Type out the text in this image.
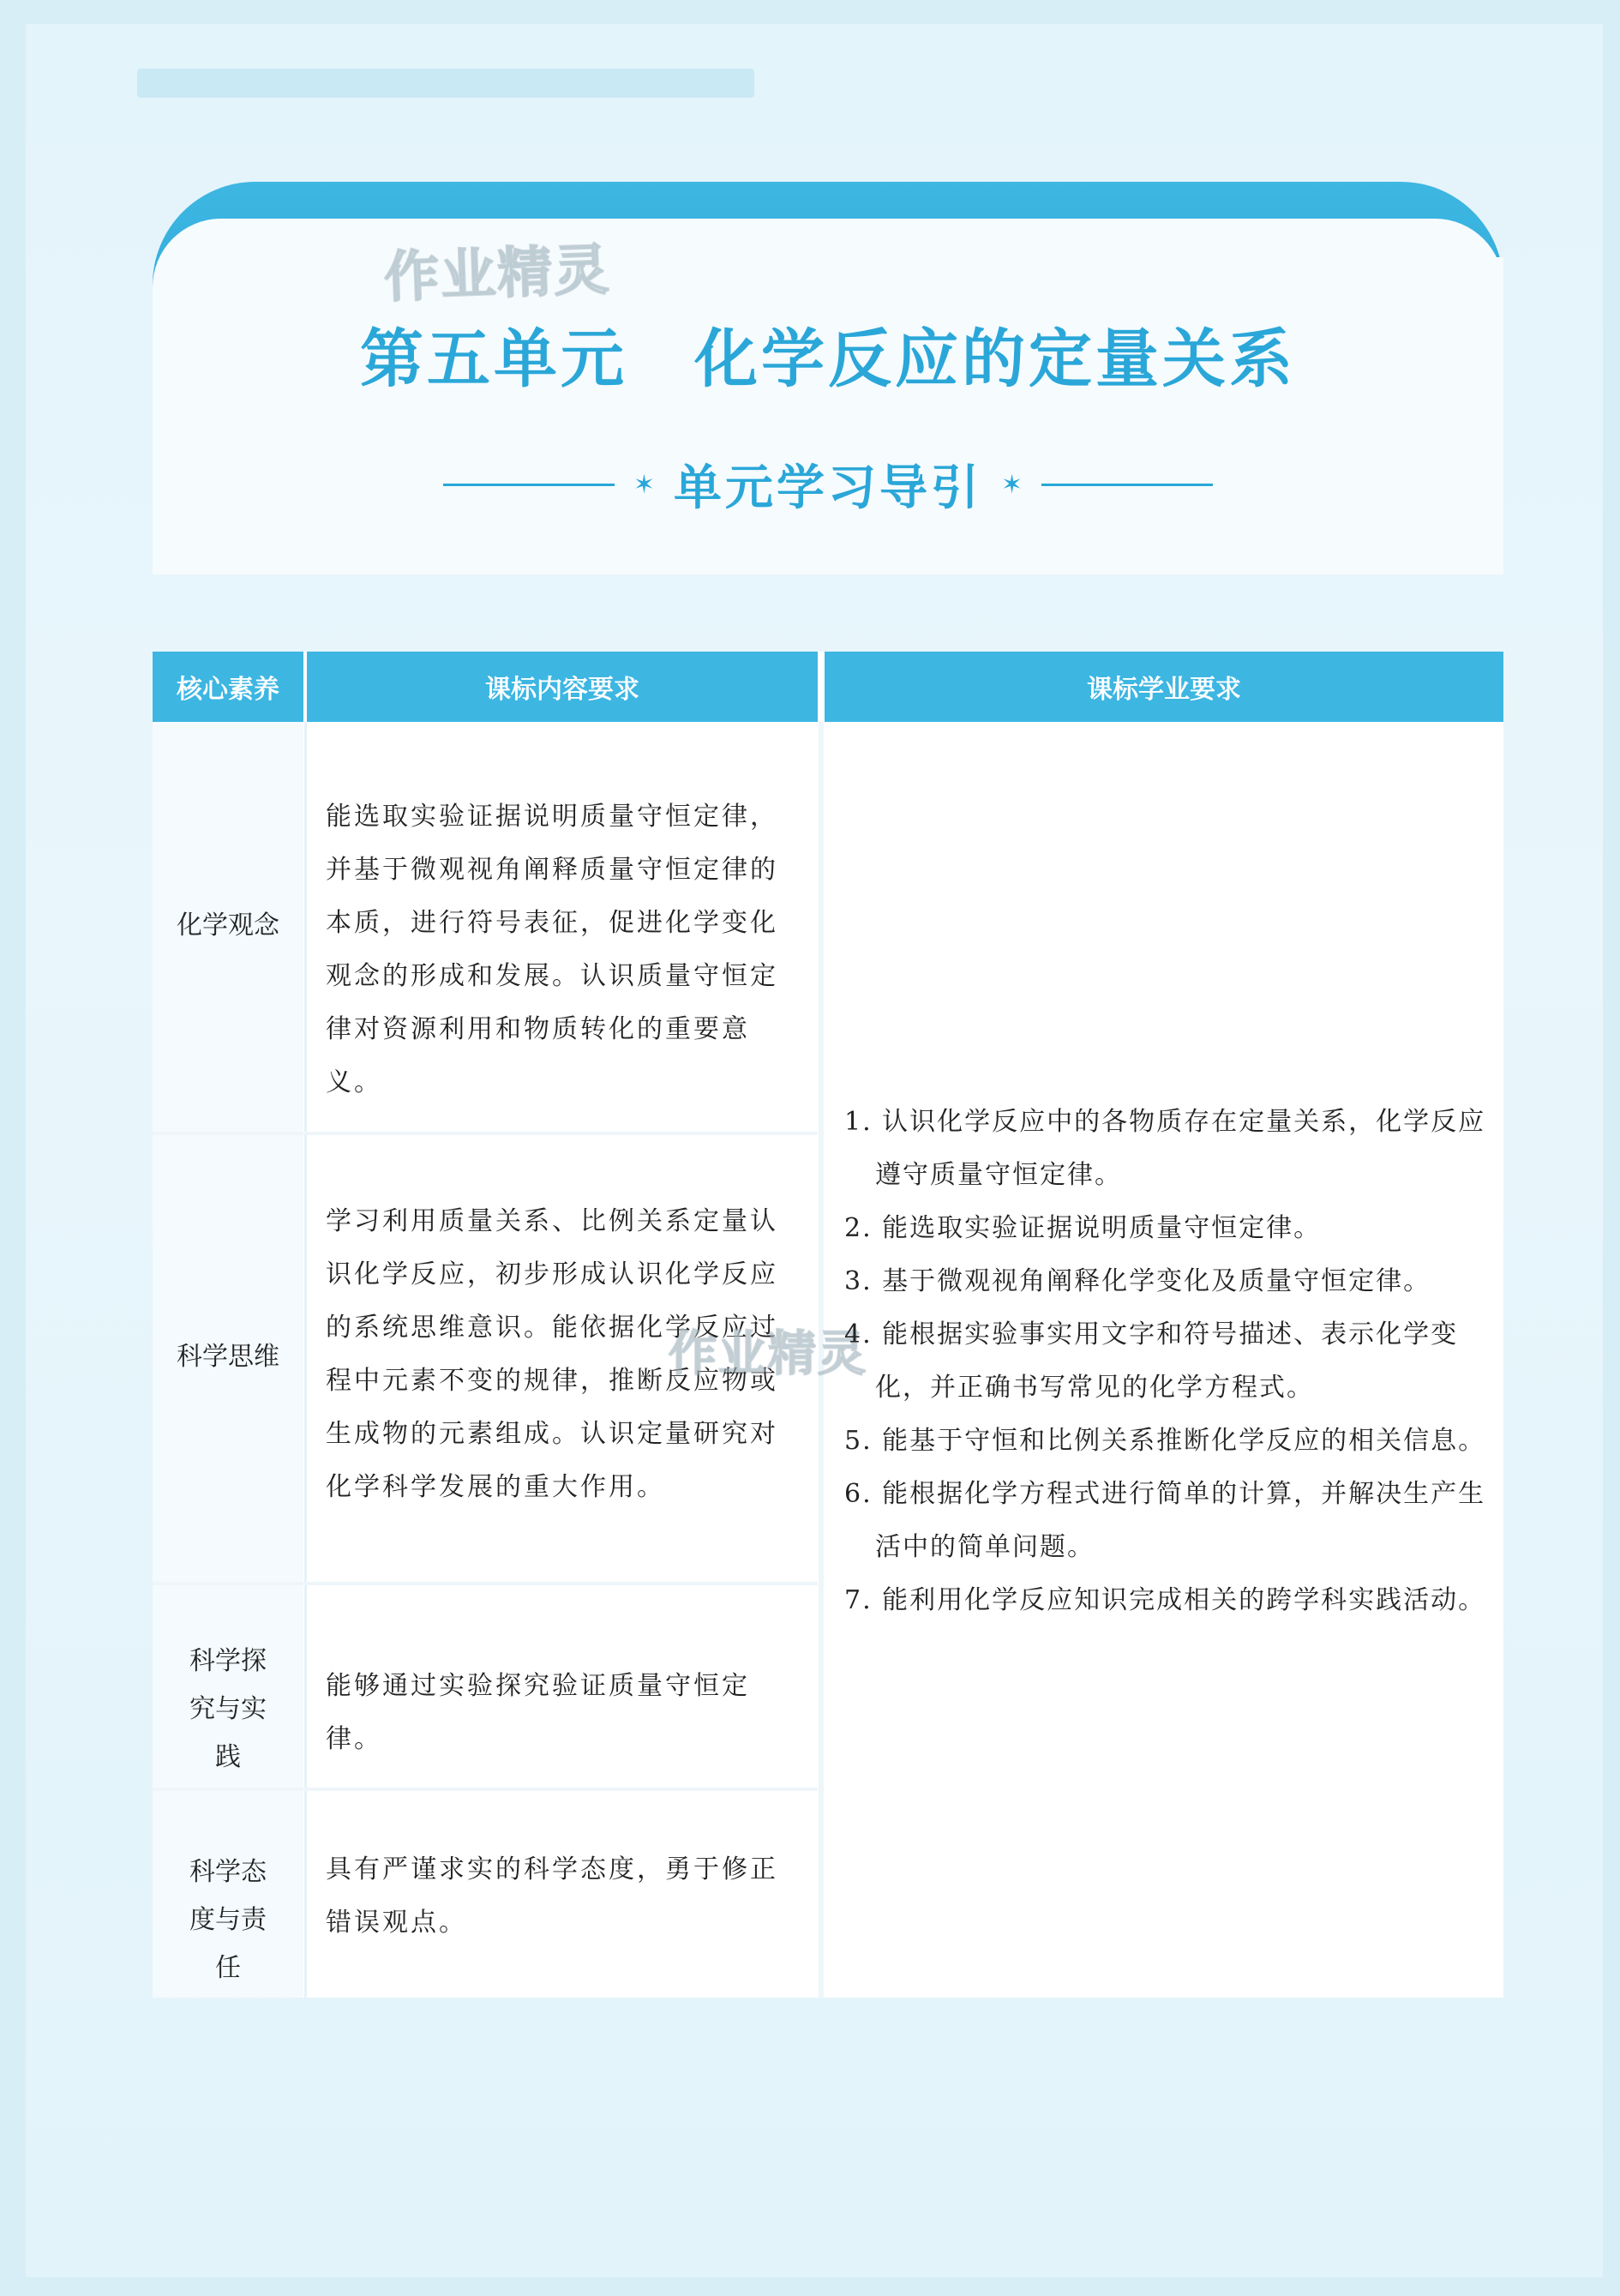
作业精灵
第五单元　化学反应的定量关系
✶ 单元学习导引 ✶
核心素养	课标内容要求	课标学业要求
化学观念
能选取实验证据说明质量守恒定律，并基于微观视角阐释质量守恒定律的本质，进行符号表征，促进化学变化观念的形成和发展。认识质量守恒定律对资源利用和物质转化的重要意义。
科学思维
学习利用质量关系、比例关系定量认识化学反应，初步形成认识化学反应的系统思维意识。能依据化学反应过程中元素不变的规律，推断反应物或生成物的元素组成。认识定量研究对化学科学发展的重大作用。
科学探究与实践
能够通过实验探究验证质量守恒定律。
科学态度与责任
具有严谨求实的科学态度，勇于修正错误观点。
作业精灵
1. 认识化学反应中的各物质存在定量关系，化学反应遵守质量守恒定律。
2. 能选取实验证据说明质量守恒定律。
3. 基于微观视角阐释化学变化及质量守恒定律。
4. 能根据实验事实用文字和符号描述、表示化学变化，并正确书写常见的化学方程式。
5. 能基于守恒和比例关系推断化学反应的相关信息。
6. 能根据化学方程式进行简单的计算，并解决生产生活中的简单问题。
7. 能利用化学反应知识完成相关的跨学科实践活动。
